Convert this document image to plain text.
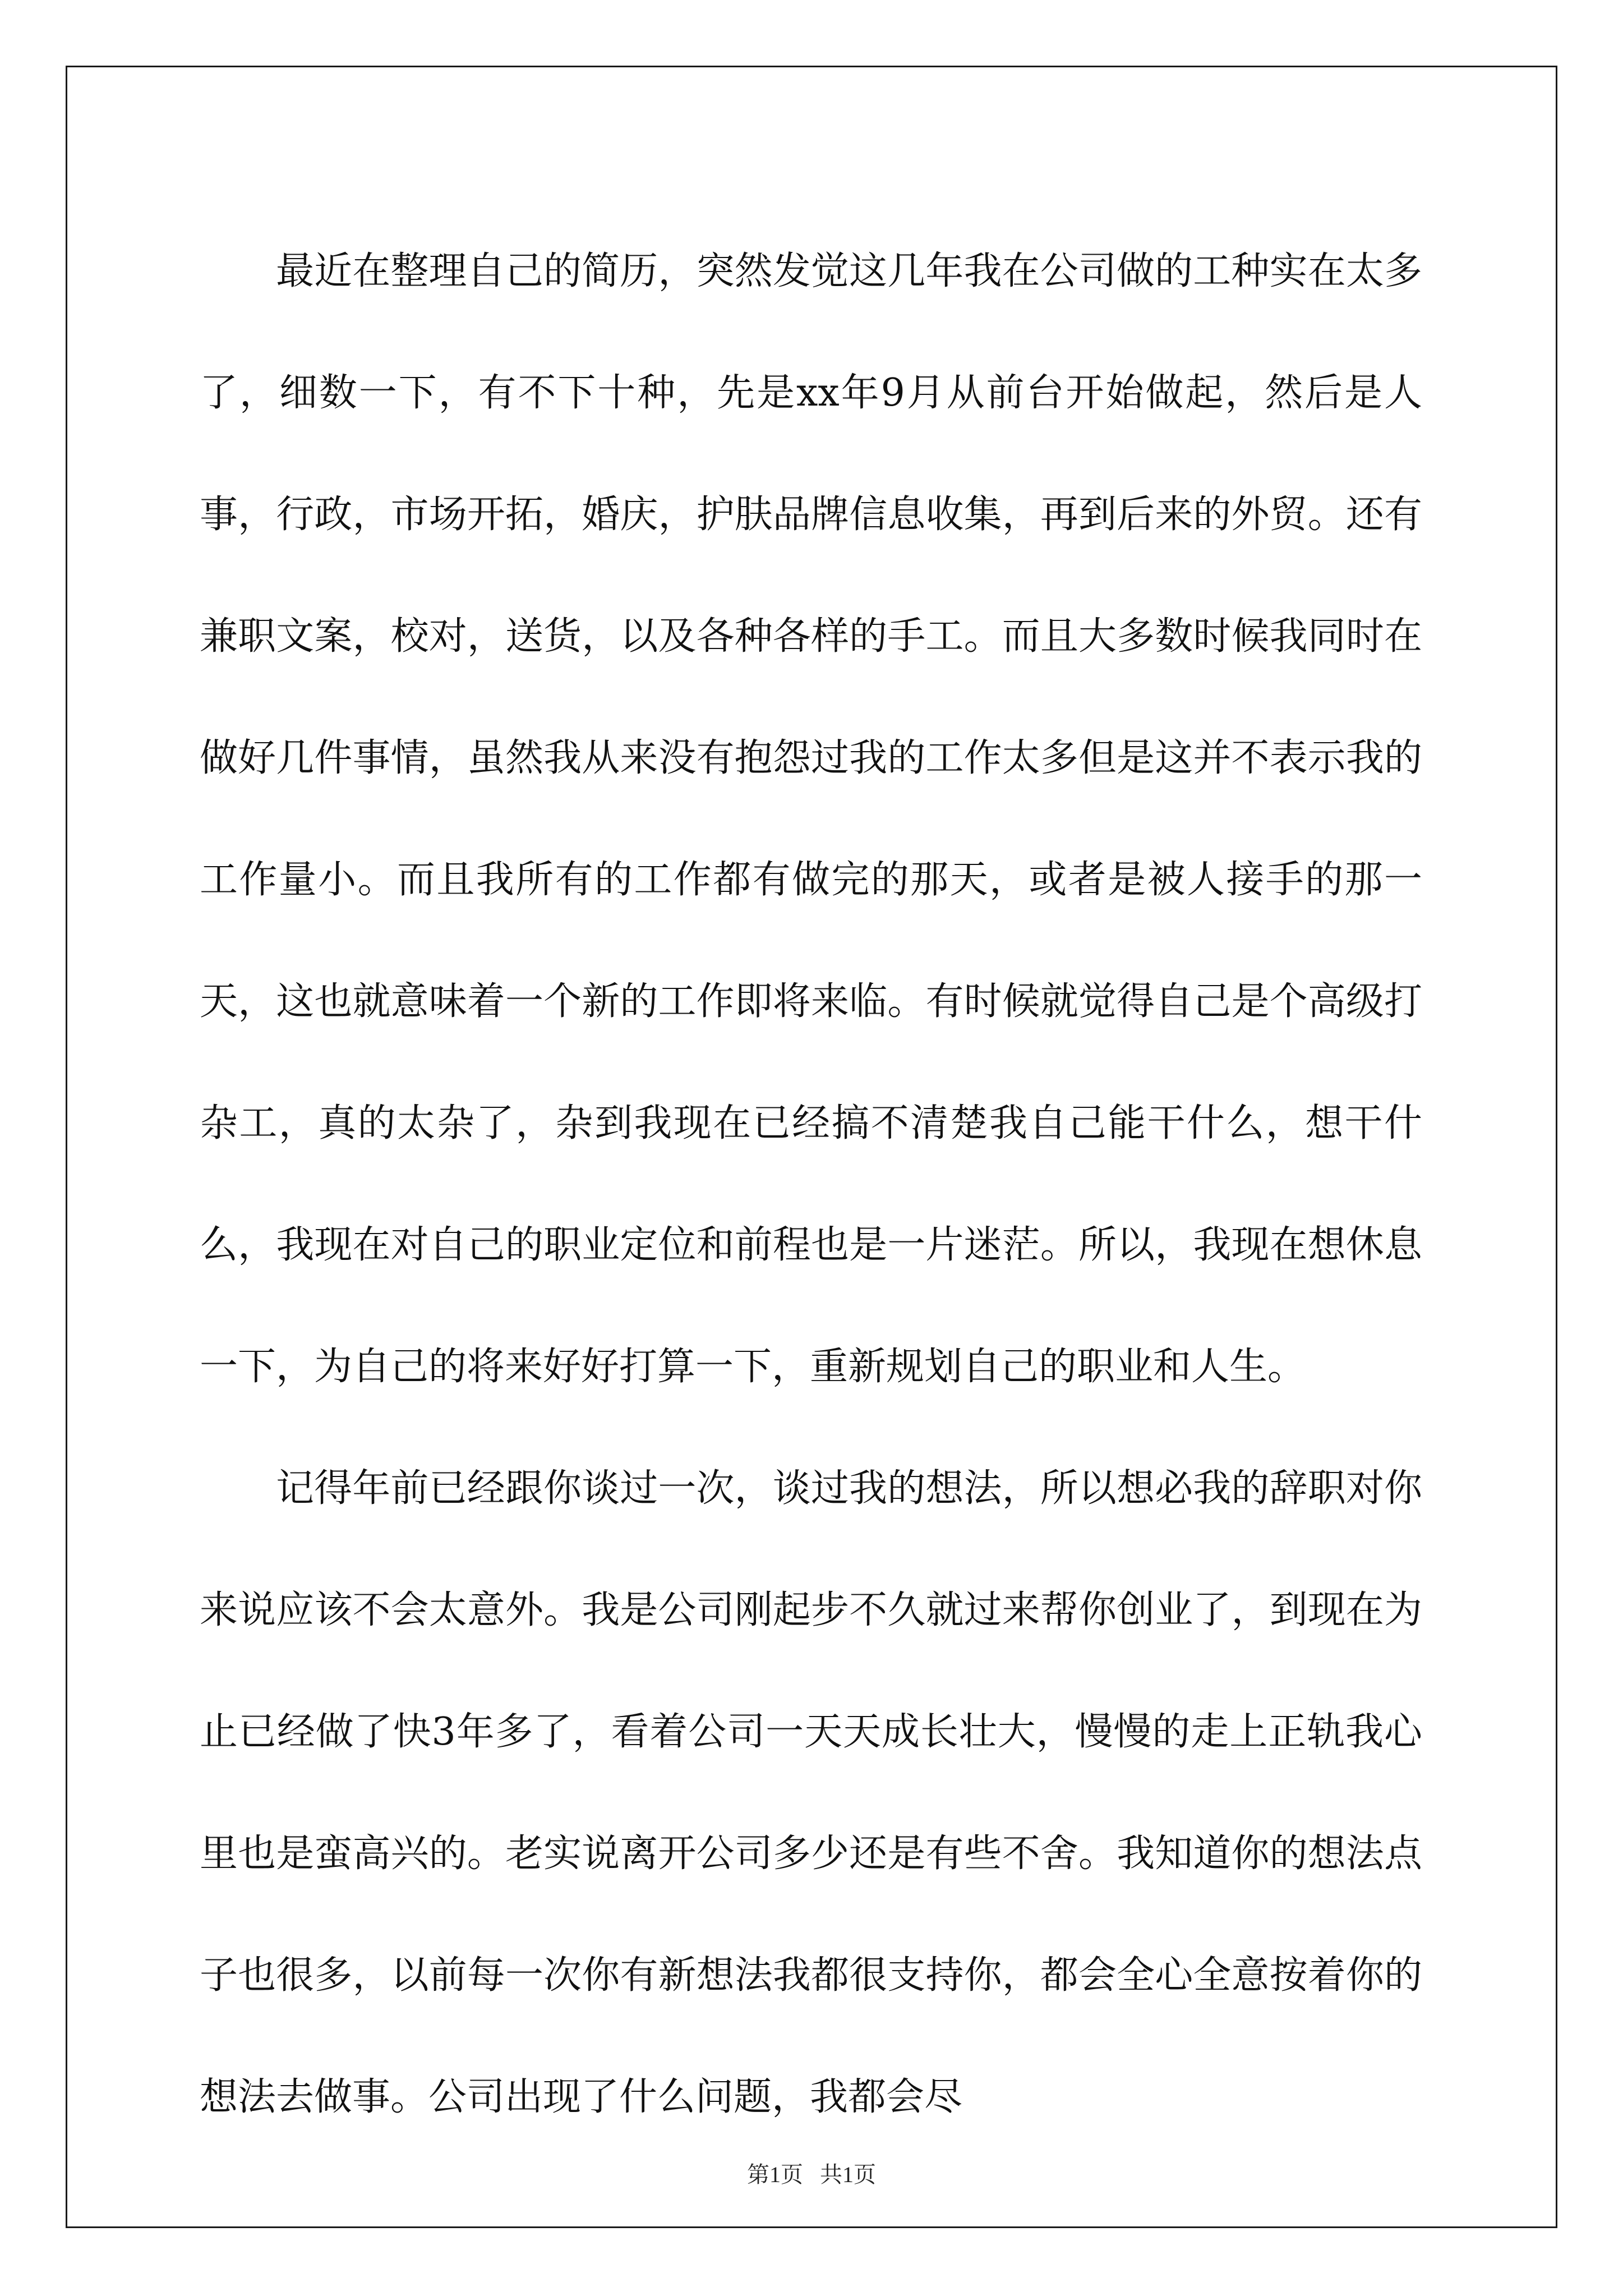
最近在整理自己的简历，突然发觉这几年我在公司做的工种实在太多了，细数一下，有不下十种，先是xx年9月从前台开始做起，然后是人事，行政，市场开拓，婚庆，护肤品牌信息收集，再到后来的外贸。还有兼职文案，校对，送货，以及各种各样的手工。而且大多数时候我同时在做好几件事情，虽然我从来没有抱怨过我的工作太多但是这并不表示我的工作量小。而且我所有的工作都有做完的那天，或者是被人接手的那一天，这也就意味着一个新的工作即将来临。有时候就觉得自己是个高级打杂工，真的太杂了，杂到我现在已经搞不清楚我自己能干什么，想干什么，我现在对自己的职业定位和前程也是一片迷茫。所以，我现在想休息一下，为自己的将来好好打算一下，重新规划自己的职业和人生。

记得年前已经跟你谈过一次，谈过我的想法，所以想必我的辞职对你来说应该不会太意外。我是公司刚起步不久就过来帮你创业了，到现在为止已经做了快3年多了，看着公司一天天成长壮大，慢慢的走上正轨我心里也是蛮高兴的。老实说离开公司多少还是有些不舍。我知道你的想法点子也很多，以前每一次你有新想法我都很支持你，都会全心全意按着你的想法去做事。公司出现了什么问题，我都会尽

第1页   共1页
